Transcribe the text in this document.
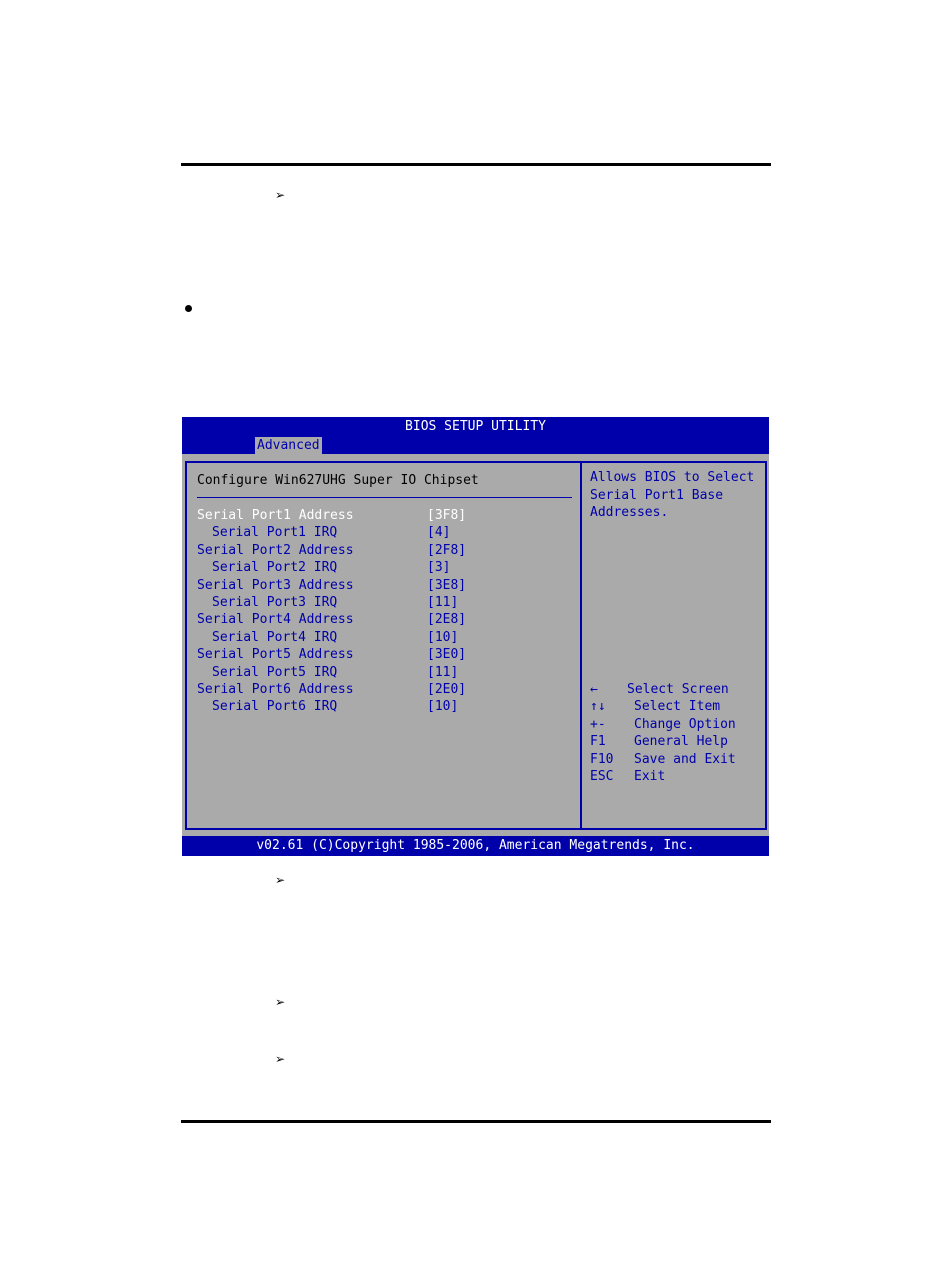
➢
BIOS SETUP UTILITY
Advanced
Configure Win627UHG Super IO Chipset
Serial Port1 Address	[3F8]
Serial Port1 IRQ	[4]
Serial Port2 Address	[2F8]
Serial Port2 IRQ	[3]
Serial Port3 Address	[3E8]
Serial Port3 IRQ	[11]
Serial Port4 Address	[2E8]
Serial Port4 IRQ	[10]
Serial Port5 Address	[3E0]
Serial Port5 IRQ	[11]
Serial Port6 Address	[2E0]
Serial Port6 IRQ	[10]
Allows BIOS to Select Serial Port1 Base Addresses.
← Select Screen
↑↓ Select Item
+- Change Option
F1 General Help
F10 Save and Exit
ESC Exit
v02.61 (C)Copyright 1985-2006, American Megatrends, Inc.
➢
➢
➢
